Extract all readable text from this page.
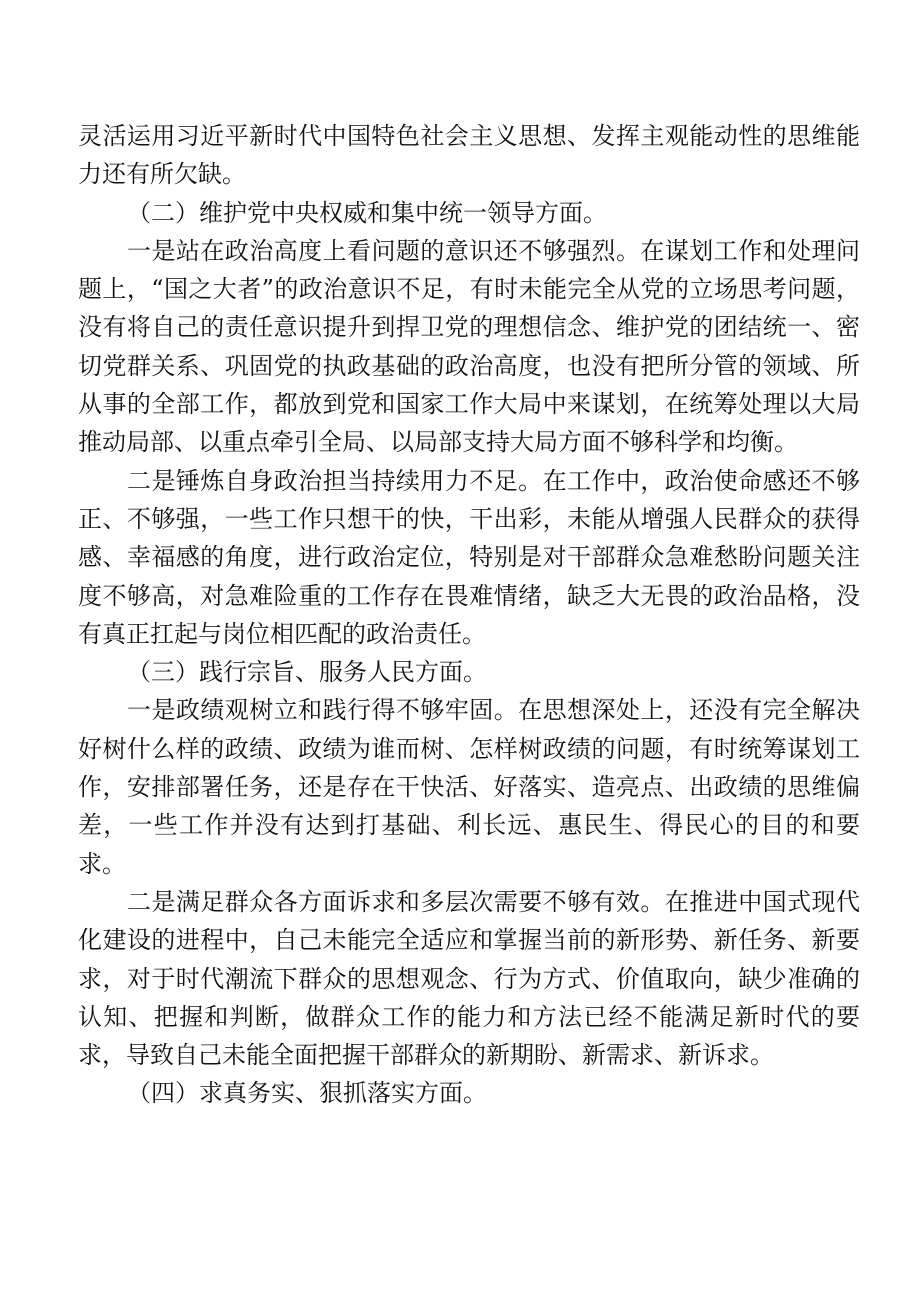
灵活运用习近平新时代中国特色社会主义思想、发挥主观能动性的思维能力还有所欠缺。

（二）维护党中央权威和集中统一领导方面。

一是站在政治高度上看问题的意识还不够强烈。在谋划工作和处理问题上，“国之大者”的政治意识不足，有时未能完全从党的立场思考问题，没有将自己的责任意识提升到捍卫党的理想信念、维护党的团结统一、密切党群关系、巩固党的执政基础的政治高度，也没有把所分管的领域、所从事的全部工作，都放到党和国家工作大局中来谋划，在统筹处理以大局推动局部、以重点牵引全局、以局部支持大局方面不够科学和均衡。

二是锤炼自身政治担当持续用力不足。在工作中，政治使命感还不够正、不够强，一些工作只想干的快，干出彩，未能从增强人民群众的获得感、幸福感的角度，进行政治定位，特别是对干部群众急难愁盼问题关注度不够高，对急难险重的工作存在畏难情绪，缺乏大无畏的政治品格，没有真正扛起与岗位相匹配的政治责任。

（三）践行宗旨、服务人民方面。

一是政绩观树立和践行得不够牢固。在思想深处上，还没有完全解决好树什么样的政绩、政绩为谁而树、怎样树政绩的问题，有时统筹谋划工作，安排部署任务，还是存在干快活、好落实、造亮点、出政绩的思维偏差，一些工作并没有达到打基础、利长远、惠民生、得民心的目的和要求。

二是满足群众各方面诉求和多层次需要不够有效。在推进中国式现代化建设的进程中，自己未能完全适应和掌握当前的新形势、新任务、新要求，对于时代潮流下群众的思想观念、行为方式、价值取向，缺少准确的认知、把握和判断，做群众工作的能力和方法已经不能满足新时代的要求，导致自己未能全面把握干部群众的新期盼、新需求、新诉求。

（四）求真务实、狠抓落实方面。
